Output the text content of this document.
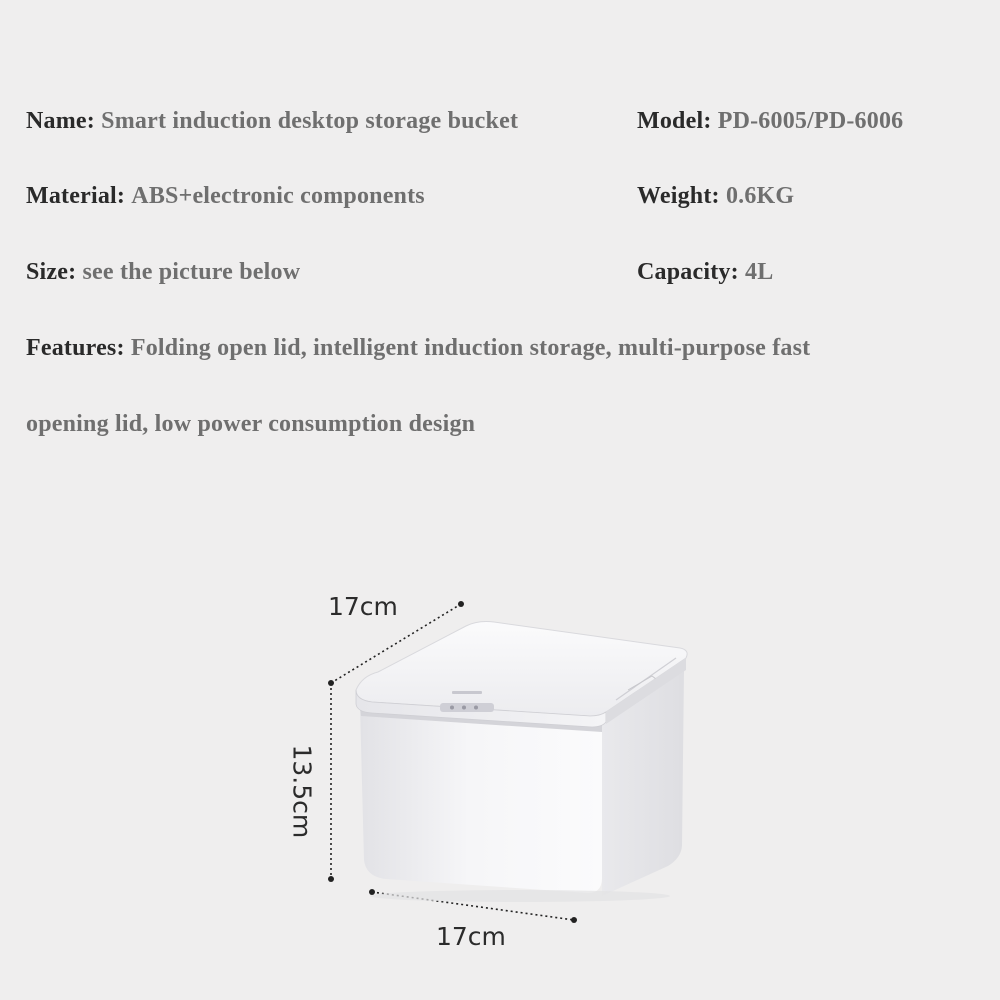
Name: Smart induction desktop storage bucket	Model: PD-6005/PD-6006
Material: ABS+electronic components	Weight: 0.6KG
Size: see the picture below	Capacity: 4L
Features: Folding open lid, intelligent induction storage, multi-purpose fast
opening lid, low power consumption design
17cm
13.5cm
17cm
